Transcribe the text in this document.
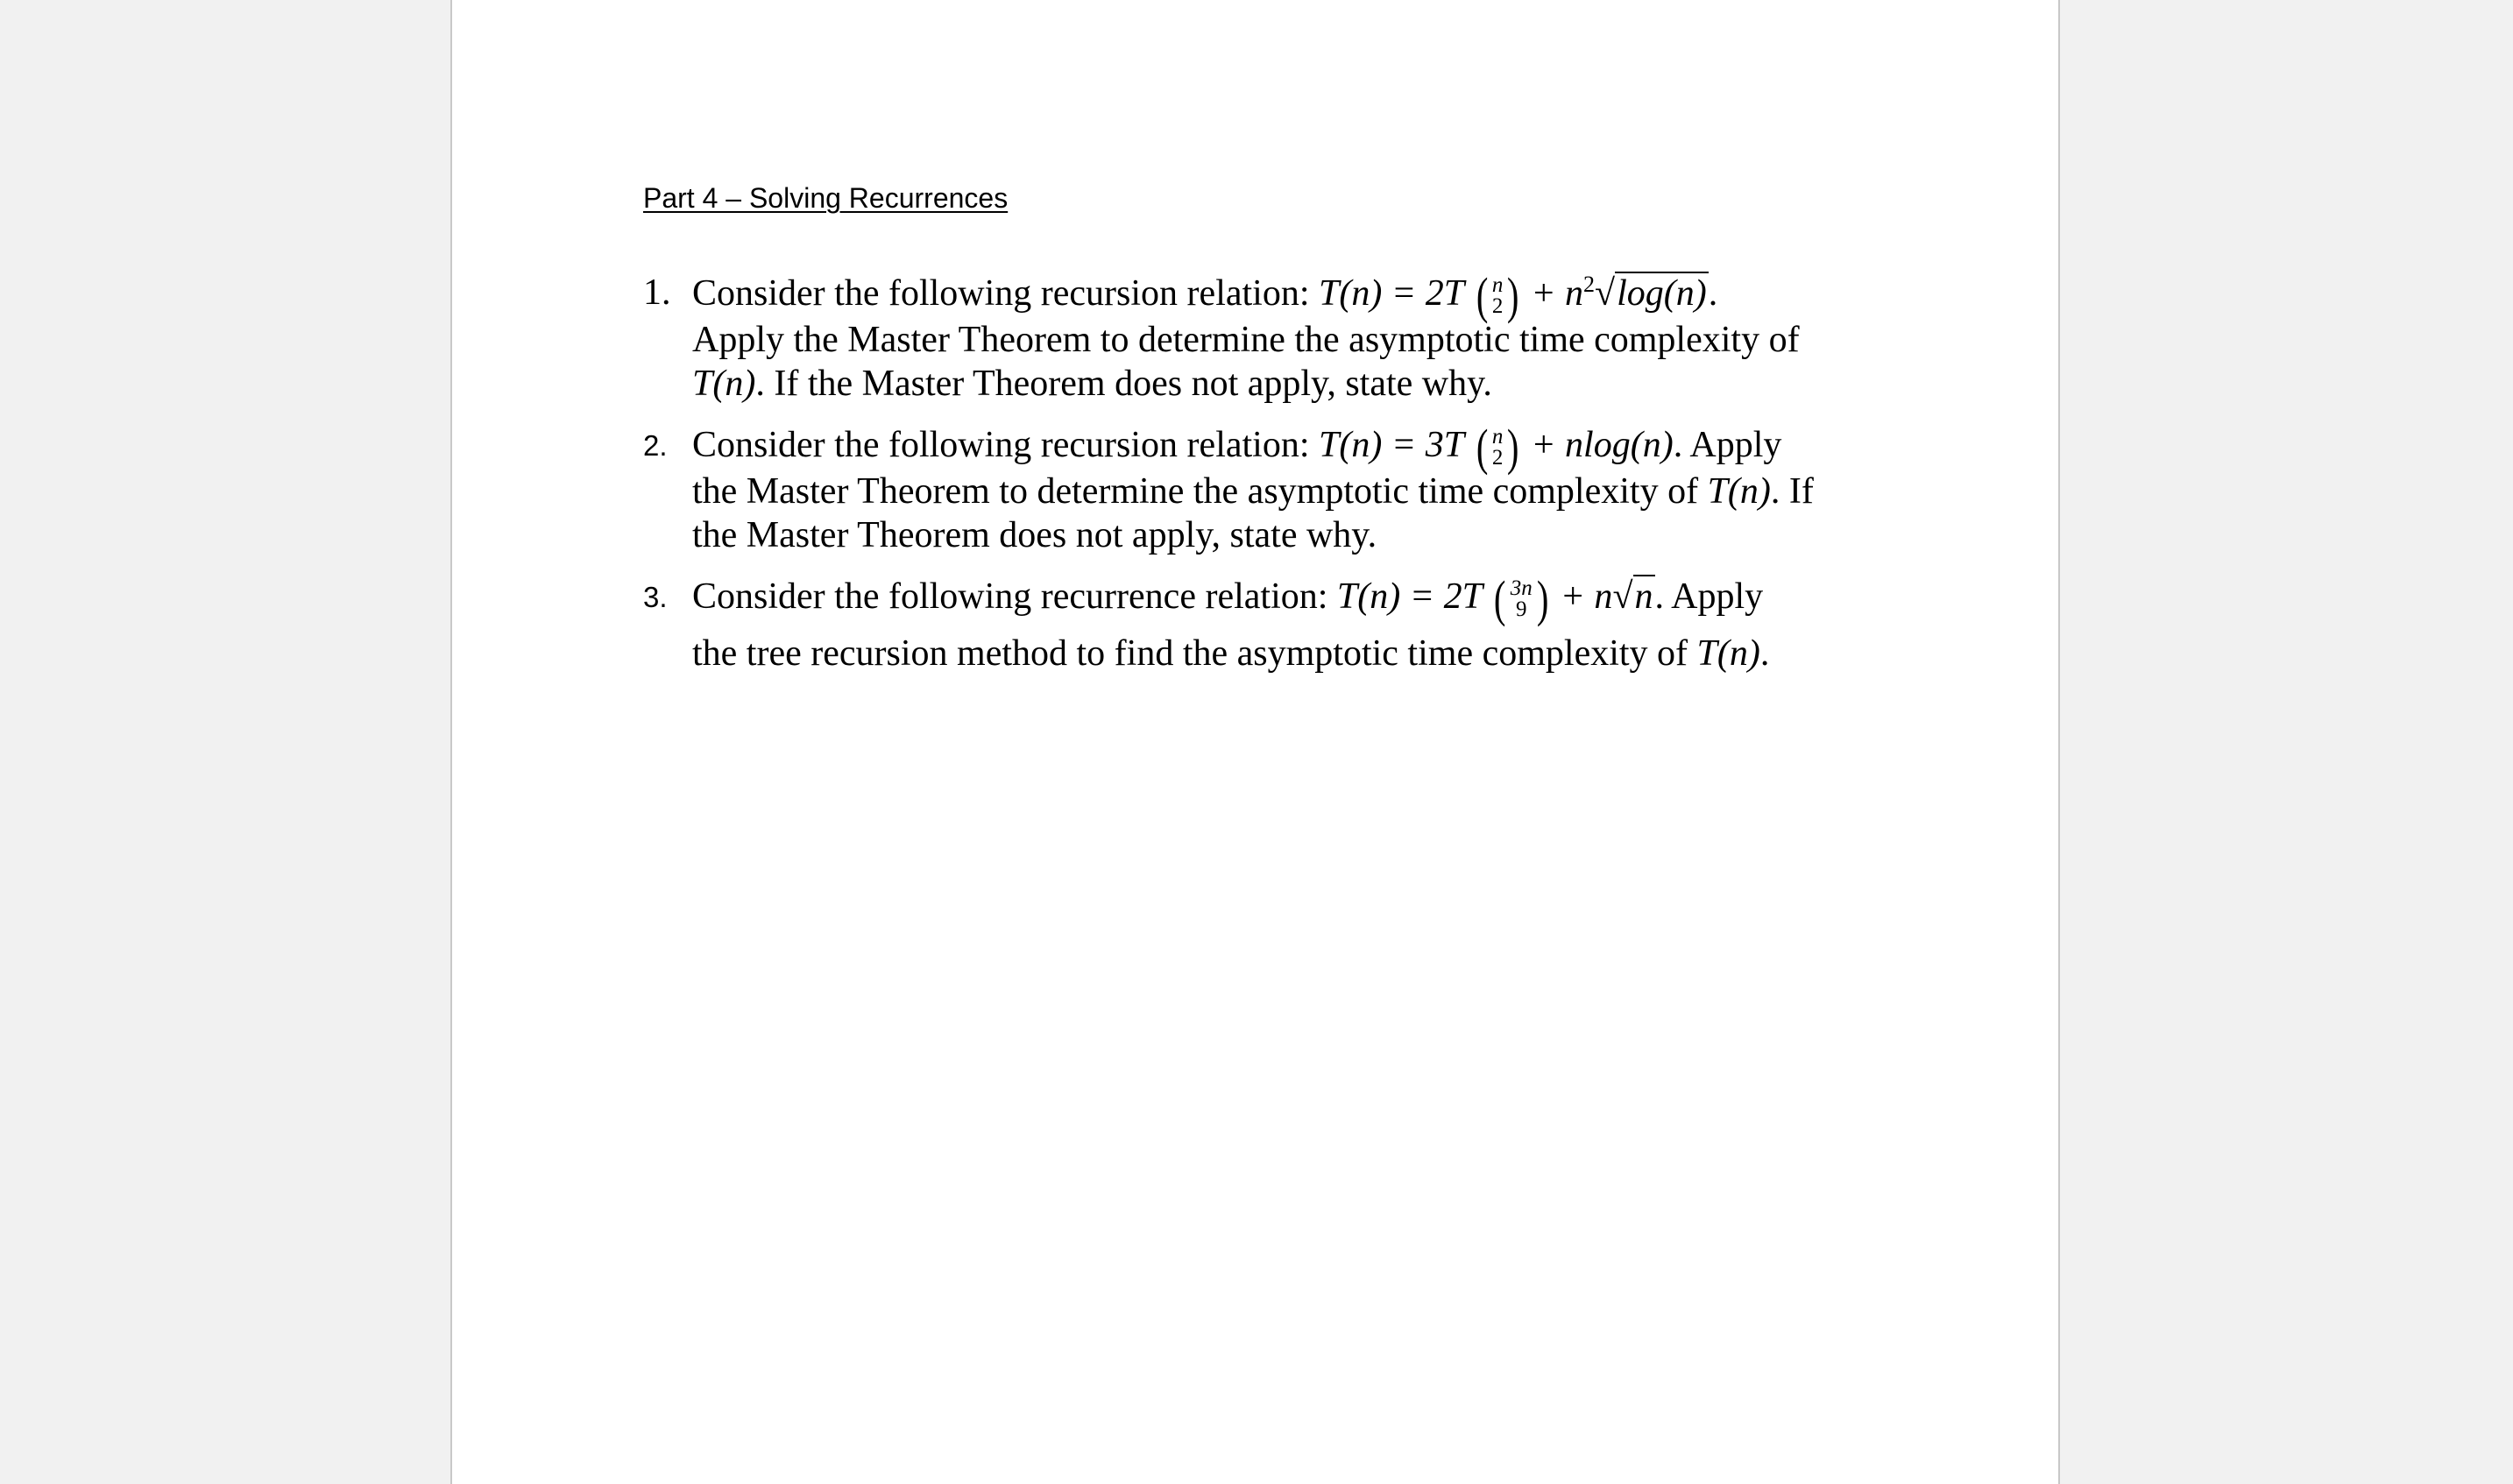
Part 4 – Solving Recurrences
1. Consider the following recursion relation: T(n) = 2T ( n
2 ) + $n^2√\log(n)$.
Apply the Master Theorem to determine the asymptotic time complexity of
T(n). If the Master Theorem does not apply, state why.
2. Consider the following recursion relation: T(n) = 3T ( n
2 ) + nlog(n). Apply
the Master Theorem to determine the asymptotic time complexity of T(n). If
the Master Theorem does not apply, state why.
3. Consider the following recurrence relation: T(n) = 2T ( 3n
9 ) + n√n. Apply
the tree recursion method to find the asymptotic time complexity of T(n).
